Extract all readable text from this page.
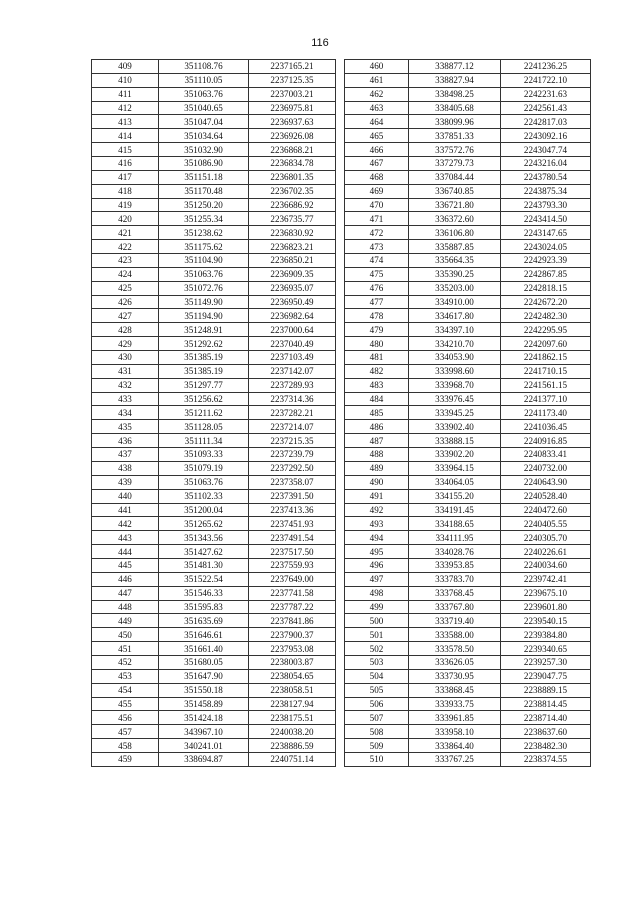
116
409	351108.76	2237165.21
410	351110.05	2237125.35
411	351063.76	2237003.21
412	351040.65	2236975.81
413	351047.04	2236937.63
414	351034.64	2236926.08
415	351032.90	2236868.21
416	351086.90	2236834.78
417	351151.18	2236801.35
418	351170.48	2236702.35
419	351250.20	2236686.92
420	351255.34	2236735.77
421	351238.62	2236830.92
422	351175.62	2236823.21
423	351104.90	2236850.21
424	351063.76	2236909.35
425	351072.76	2236935.07
426	351149.90	2236950.49
427	351194.90	2236982.64
428	351248.91	2237000.64
429	351292.62	2237040.49
430	351385.19	2237103.49
431	351385.19	2237142.07
432	351297.77	2237289.93
433	351256.62	2237314.36
434	351211.62	2237282.21
435	351128.05	2237214.07
436	351111.34	2237215.35
437	351093.33	2237239.79
438	351079.19	2237292.50
439	351063.76	2237358.07
440	351102.33	2237391.50
441	351200.04	2237413.36
442	351265.62	2237451.93
443	351343.56	2237491.54
444	351427.62	2237517.50
445	351481.30	2237559.93
446	351522.54	2237649.00
447	351546.33	2237741.58
448	351595.83	2237787.22
449	351635.69	2237841.86
450	351646.61	2237900.37
451	351661.40	2237953.08
452	351680.05	2238003.87
453	351647.90	2238054.65
454	351550.18	2238058.51
455	351458.89	2238127.94
456	351424.18	2238175.51
457	343967.10	2240038.20
458	340241.01	2238886.59
459	338694.87	2240751.14
460	338877.12	2241236.25
461	338827.94	2241722.10
462	338498.25	2242231.63
463	338405.68	2242561.43
464	338099.96	2242817.03
465	337851.33	2243092.16
466	337572.76	2243047.74
467	337279.73	2243216.04
468	337084.44	2243780.54
469	336740.85	2243875.34
470	336721.80	2243793.30
471	336372.60	2243414.50
472	336106.80	2243147.65
473	335887.85	2243024.05
474	335664.35	2242923.39
475	335390.25	2242867.85
476	335203.00	2242818.15
477	334910.00	2242672.20
478	334617.80	2242482.30
479	334397.10	2242295.95
480	334210.70	2242097.60
481	334053.90	2241862.15
482	333998.60	2241710.15
483	333968.70	2241561.15
484	333976.45	2241377.10
485	333945.25	2241173.40
486	333902.40	2241036.45
487	333888.15	2240916.85
488	333902.20	2240833.41
489	333964.15	2240732.00
490	334064.05	2240643.90
491	334155.20	2240528.40
492	334191.45	2240472.60
493	334188.65	2240405.55
494	334111.95	2240305.70
495	334028.76	2240226.61
496	333953.85	2240034.60
497	333783.70	2239742.41
498	333768.45	2239675.10
499	333767.80	2239601.80
500	333719.40	2239540.15
501	333588.00	2239384.80
502	333578.50	2239340.65
503	333626.05	2239257.30
504	333730.95	2239047.75
505	333868.45	2238889.15
506	333933.75	2238814.45
507	333961.85	2238714.40
508	333958.10	2238637.60
509	333864.40	2238482.30
510	333767.25	2238374.55
